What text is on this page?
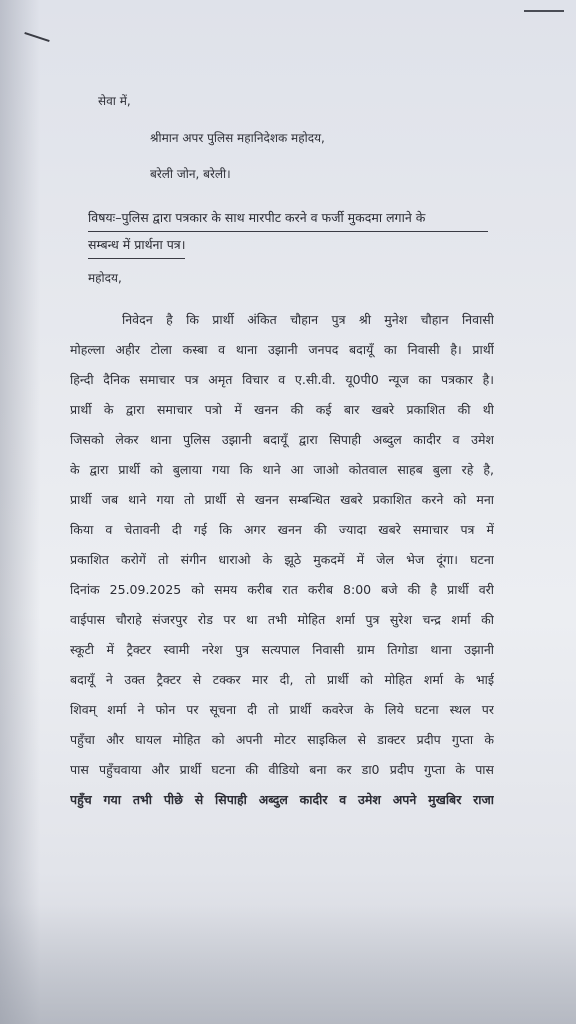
सेवा में,
श्रीमान अपर पुलिस महानिदेशक महोदय,
बरेली जोन, बरेली।
विषयः–पुलिस द्वारा पत्रकार के साथ मारपीट करने व फर्जी मुकदमा लगाने के
सम्बन्ध में प्रार्थना पत्र।
महोदय,
निवेदन है कि प्रार्थी अंकित चौहान पुत्र श्री मुनेश चौहान निवासी
मोहल्ला अहीर टोला कस्बा व थाना उझानी जनपद बदायूँ का निवासी है। प्रार्थी
हिन्दी दैनिक समाचार पत्र अमृत विचार व ए.सी.वी. यू0पी0 न्यूज का पत्रकार है।
प्रार्थी के द्वारा समाचार पत्रो में खनन की कई बार खबरे प्रकाशित की थी
जिसको लेकर थाना पुलिस उझानी बदायूँ द्वारा सिपाही अब्दुल कादीर व उमेश
के द्वारा प्रार्थी को बुलाया गया कि थाने आ जाओ कोतवाल साहब बुला रहे है,
प्रार्थी जब थाने गया तो प्रार्थी से खनन सम्बन्धित खबरे प्रकाशित करने को मना
किया व चेतावनी दी गई कि अगर खनन की ज्यादा खबरे समाचार पत्र में
प्रकाशित करोगें तो संगीन धाराओ के झूठे मुकदमें में जेल भेज दूंगा। घटना
दिनांक 25.09.2025 को समय करीब रात करीब 8:00 बजे की है प्रार्थी वरी
वाईपास चौराहे संजरपुर रोड पर था तभी मोहित शर्मा पुत्र सुरेश चन्द्र शर्मा की
स्कूटी में ट्रैक्टर स्वामी नरेश पुत्र सत्यपाल निवासी ग्राम तिगोडा थाना उझानी
बदायूँ ने उक्त ट्रैक्टर से टक्कर मार दी, तो प्रार्थी को मोहित शर्मा के भाई
शिवम् शर्मा ने फोन पर सूचना दी तो प्रार्थी कवरेज के लिये घटना स्थल पर
पहुँचा और घायल मोहित को अपनी मोटर साइकिल से डाक्टर प्रदीप गुप्ता के
पास पहुँचवाया और प्रार्थी घटना की वीडियो बना कर डा0 प्रदीप गुप्ता के पास
पहुँच गया तभी पीछे से सिपाही अब्दुल कादीर व उमेश अपने मुखबिर राजा
